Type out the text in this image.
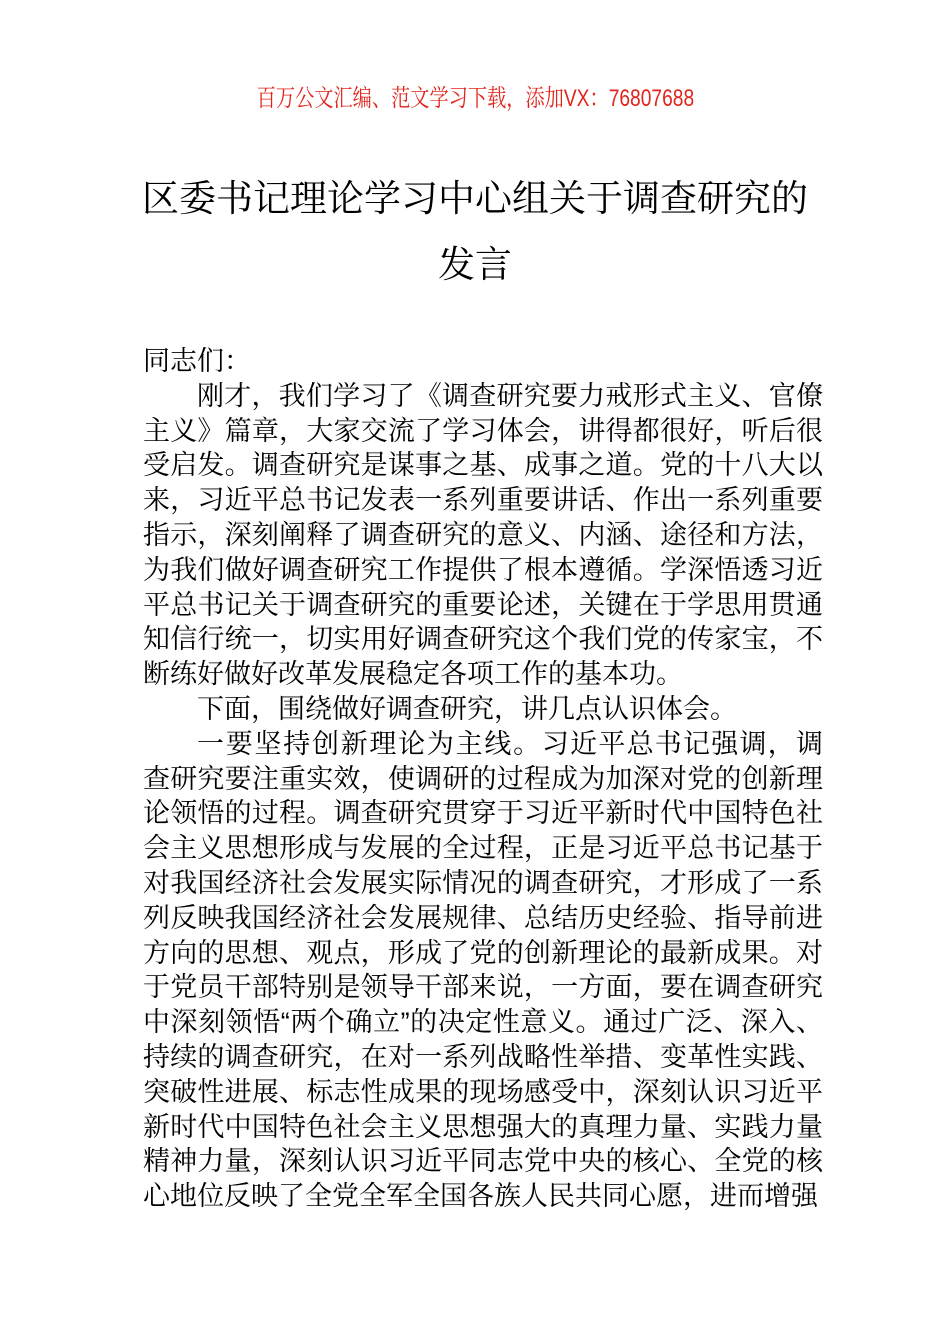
百万公文汇编、范文学习下载，添加VX：76807688
区委书记理论学习中心组关于调查研究的发言

同志们：

刚才，我们学习了《调查研究要力戒形式主义、官僚主义》篇章，大家交流了学习体会，讲得都很好，听后很受启发。调查研究是谋事之基、成事之道。党的十八大以来，习近平总书记发表一系列重要讲话、作出一系列重要指示，深刻阐释了调查研究的意义、内涵、途径和方法，为我们做好调查研究工作提供了根本遵循。学深悟透习近平总书记关于调查研究的重要论述，关键在于学思用贯通知信行统一，切实用好调查研究这个我们党的传家宝，不断练好做好改革发展稳定各项工作的基本功。

下面，围绕做好调查研究，讲几点认识体会。

一要坚持创新理论为主线。习近平总书记强调，调查研究要注重实效，使调研的过程成为加深对党的创新理论领悟的过程。调查研究贯穿于习近平新时代中国特色社会主义思想形成与发展的全过程，正是习近平总书记基于对我国经济社会发展实际情况的调查研究，才形成了一系列反映我国经济社会发展规律、总结历史经验、指导前进方向的思想、观点，形成了党的创新理论的最新成果。对于党员干部特别是领导干部来说，一方面，要在调查研究中深刻领悟“两个确立”的决定性意义。通过广泛、深入、持续的调查研究，在对一系列战略性举措、变革性实践、突破性进展、标志性成果的现场感受中，深刻认识习近平新时代中国特色社会主义思想强大的真理力量、实践力量精神力量，深刻认识习近平同志党中央的核心、全党的核心地位反映了全党全军全国各族人民共同心愿，进而增强
